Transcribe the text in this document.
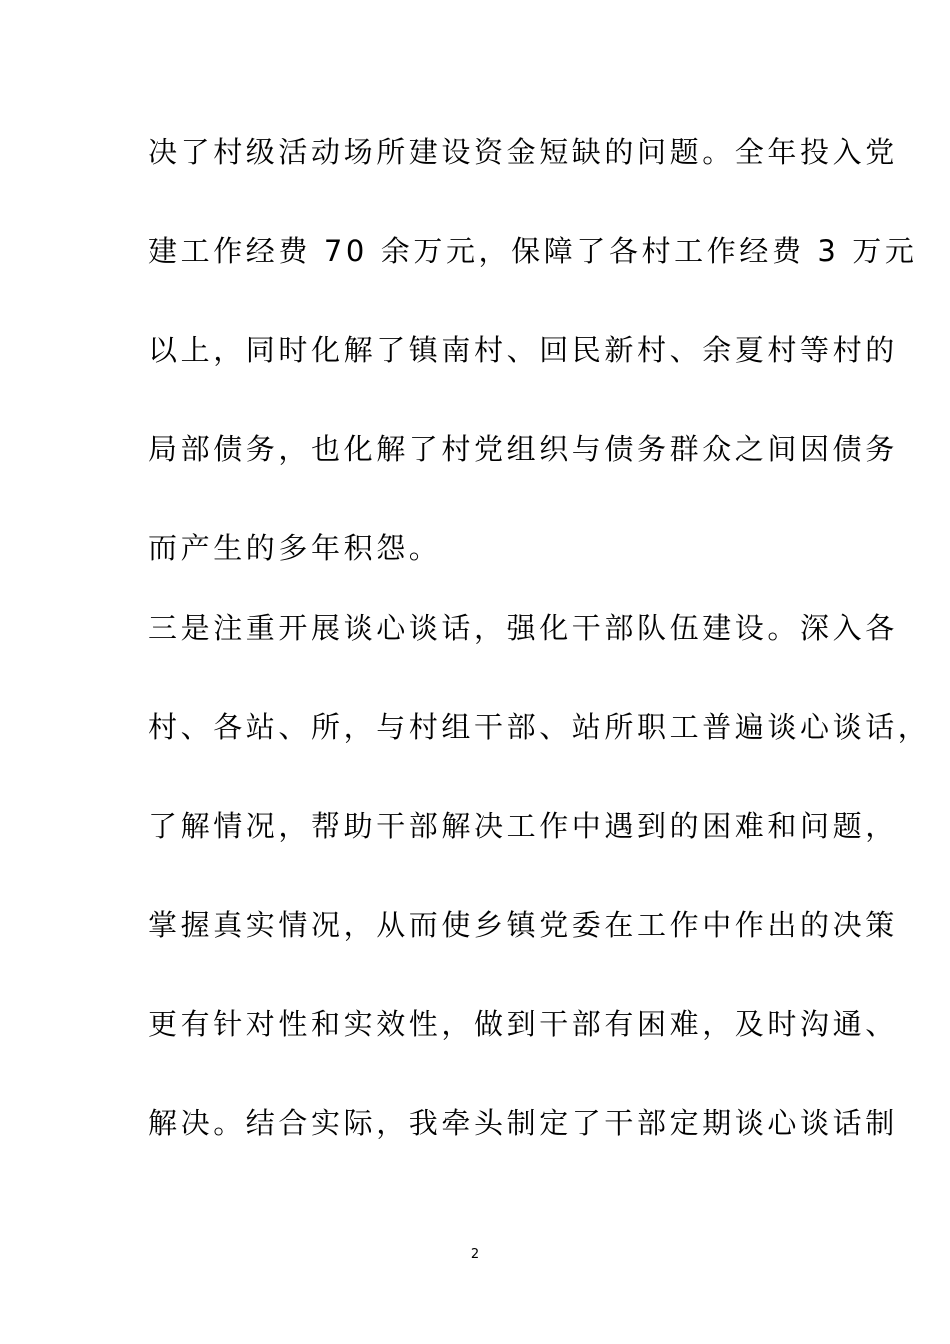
决了村级活动场所建设资金短缺的问题。全年投入党
建工作经费 70 余万元，保障了各村工作经费 3 万元
以上，同时化解了镇南村、回民新村、余夏村等村的
局部债务，也化解了村党组织与债务群众之间因债务
而产生的多年积怨。
三是注重开展谈心谈话，强化干部队伍建设。深入各
村、各站、所，与村组干部、站所职工普遍谈心谈话，
了解情况，帮助干部解决工作中遇到的困难和问题，
掌握真实情况，从而使乡镇党委在工作中作出的决策
更有针对性和实效性，做到干部有困难，及时沟通、
解决。结合实际，我牵头制定了干部定期谈心谈话制
2
